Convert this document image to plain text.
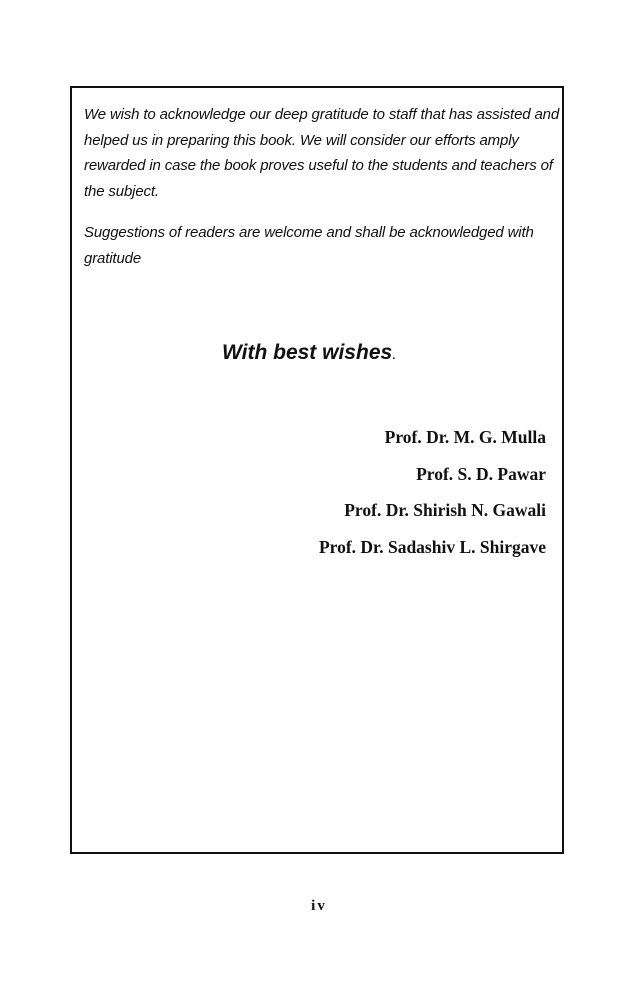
We wish to acknowledge our deep gratitude to staff that has assisted and helped us in preparing this book. We will consider our efforts amply rewarded in case the book proves useful to the students and teachers of the subject.

Suggestions of readers are welcome and shall be acknowledged with gratitude

With best wishes.

Prof. Dr. M. G. Mulla
Prof. S. D. Pawar
Prof. Dr. Shirish N. Gawali
Prof. Dr. Sadashiv L. Shirgave

iv
